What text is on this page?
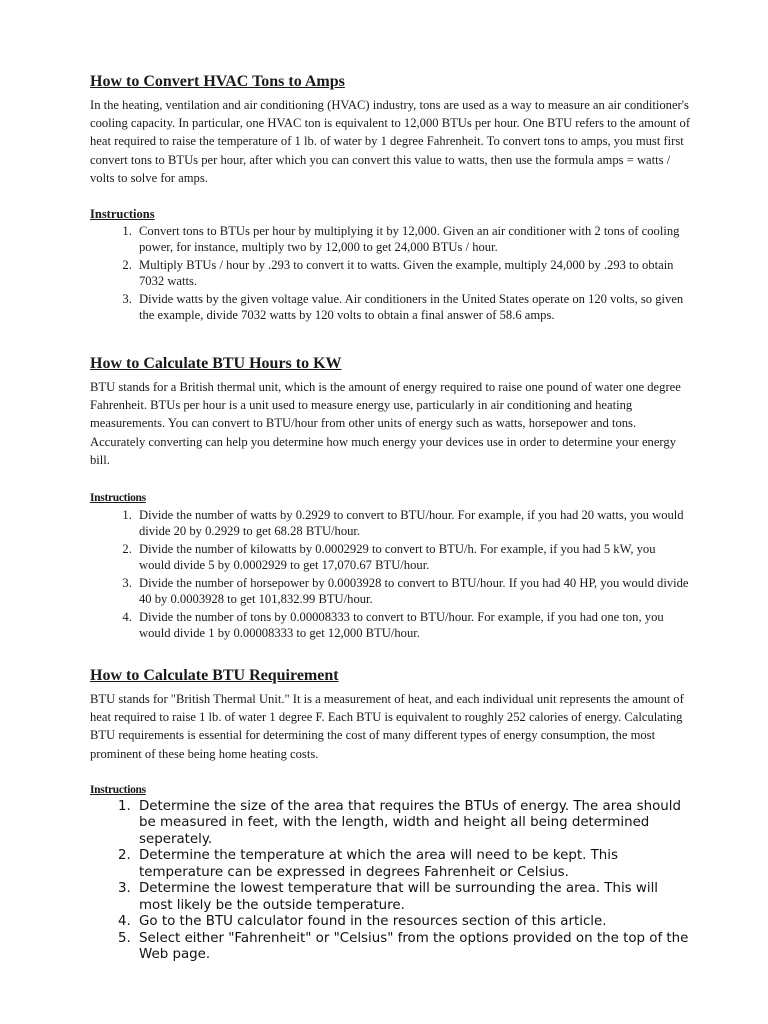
How to Convert HVAC Tons to Amps

In the heating, ventilation and air conditioning (HVAC) industry, tons are used as a way to measure an air conditioner's cooling capacity. In particular, one HVAC ton is equivalent to 12,000 BTUs per hour. One BTU refers to the amount of heat required to raise the temperature of 1 lb. of water by 1 degree Fahrenheit. To convert tons to amps, you must first convert tons to BTUs per hour, after which you can convert this value to watts, then use the formula amps = watts / volts to solve for amps.

Instructions

1. Convert tons to BTUs per hour by multiplying it by 12,000. Given an air conditioner with 2 tons of cooling power, for instance, multiply two by 12,000 to get 24,000 BTUs / hour.
2. Multiply BTUs / hour by .293 to convert it to watts. Given the example, multiply 24,000 by .293 to obtain 7032 watts.
3. Divide watts by the given voltage value. Air conditioners in the United States operate on 120 volts, so given the example, divide 7032 watts by 120 volts to obtain a final answer of 58.6 amps.
How to Calculate BTU Hours to KW

BTU stands for a British thermal unit, which is the amount of energy required to raise one pound of water one degree Fahrenheit. BTUs per hour is a unit used to measure energy use, particularly in air conditioning and heating measurements. You can convert to BTU/hour from other units of energy such as watts, horsepower and tons. Accurately converting can help you determine how much energy your devices use in order to determine your energy bill.

Instructions

1. Divide the number of watts by 0.2929 to convert to BTU/hour. For example, if you had 20 watts, you would divide 20 by 0.2929 to get 68.28 BTU/hour.
2. Divide the number of kilowatts by 0.0002929 to convert to BTU/h. For example, if you had 5 kW, you would divide 5 by 0.0002929 to get 17,070.67 BTU/hour.
3. Divide the number of horsepower by 0.0003928 to convert to BTU/hour. If you had 40 HP, you would divide 40 by 0.0003928 to get 101,832.99 BTU/hour.
4. Divide the number of tons by 0.00008333 to convert to BTU/hour. For example, if you had one ton, you would divide 1 by 0.00008333 to get 12,000 BTU/hour.
How to Calculate BTU Requirement

BTU stands for "British Thermal Unit." It is a measurement of heat, and each individual unit represents the amount of heat required to raise 1 lb. of water 1 degree F. Each BTU is equivalent to roughly 252 calories of energy. Calculating BTU requirements is essential for determining the cost of many different types of energy consumption, the most prominent of these being home heating costs.

Instructions

1. Determine the size of the area that requires the BTUs of energy. The area should be measured in feet, with the length, width and height all being determined seperately.
2. Determine the temperature at which the area will need to be kept. This temperature can be expressed in degrees Fahrenheit or Celsius.
3. Determine the lowest temperature that will be surrounding the area. This will most likely be the outside temperature.
4. Go to the BTU calculator found in the resources section of this article.
5. Select either "Fahrenheit" or "Celsius" from the options provided on the top of the Web page.
